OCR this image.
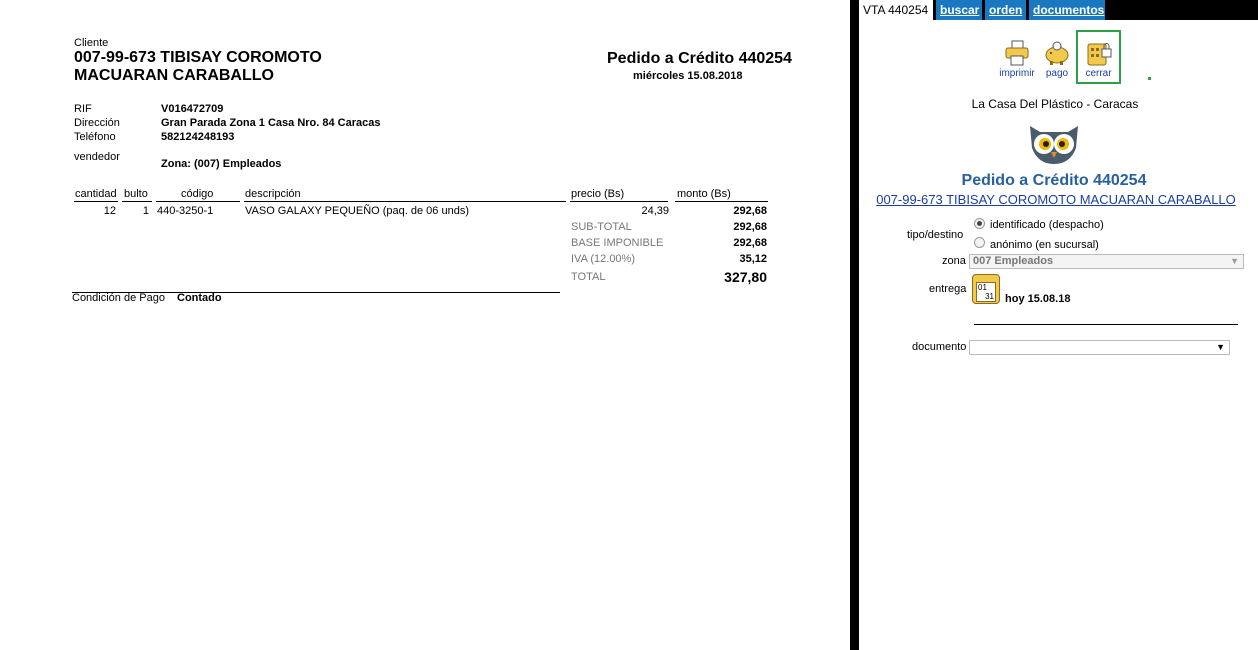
Cliente
007-99-673 TIBISAY COROMOTO
MACUARAN CARABALLO
Pedido a Crédito 440254
miércoles 15.08.2018
RIF	V016472709
Dirección	Gran Parada Zona 1 Casa Nro. 84 Caracas
Teléfono	582124248193
vendedor
Zona: (007) Empleados
cantidad bulto	código	descripción	precio (Bs)	monto (Bs)
12	1 440-3250-1	VASO GALAXY PEQUEÑO (paq. de 06 unds)	24,39	292,68
SUB-TOTAL	292,68
BASE IMPONIBLE	292,68
IVA (12.00%)	35,12
TOTAL	327,80
Condición de Pago Contado
VTA 440254 buscar orden documentos
imprimir	pago	cerrar
La Casa Del Plástico - Caracas
Pedido a Crédito 440254
007-99-673 TIBISAY COROMOTO MACUARAN CARABALLO
tipo/destino
identificado (despacho)
anónimo (en sucursal)
zona 007 Empleados	▼
entrega 01
31 hoy 15.08.18
documento	▼
